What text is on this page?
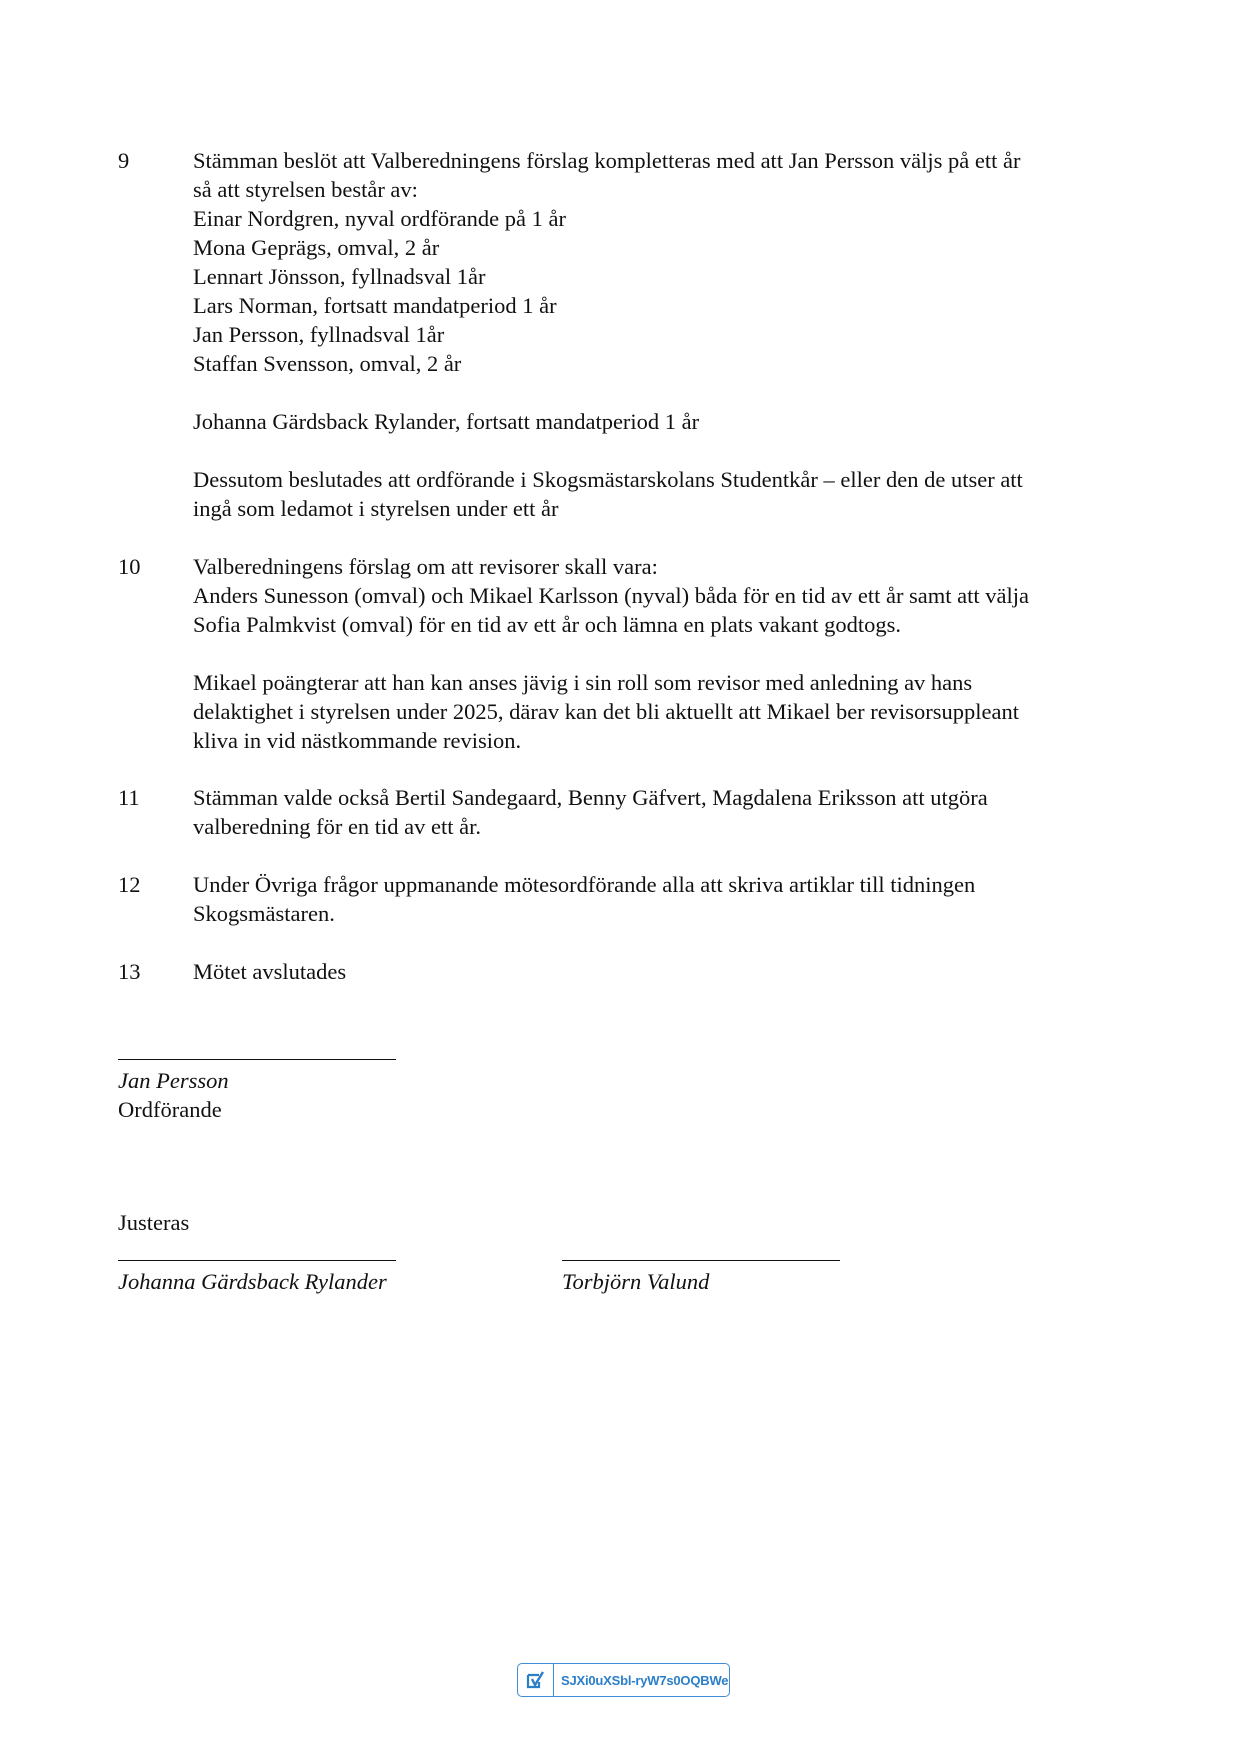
9	Stämman beslöt att Valberedningens förslag kompletteras med att Jan Persson väljs på ett år
så att styrelsen består av:
Einar Nordgren, nyval ordförande på 1 år
Mona Geprägs, omval, 2 år
Lennart Jönsson, fyllnadsval 1år
Lars Norman, fortsatt mandatperiod 1 år
Jan Persson, fyllnadsval 1år
Staffan Svensson, omval, 2 år
Johanna Gärdsback Rylander, fortsatt mandatperiod 1 år
Dessutom beslutades att ordförande i Skogsmästarskolans Studentkår – eller den de utser att
ingå som ledamot i styrelsen under ett år
10	Valberedningens förslag om att revisorer skall vara:
Anders Sunesson (omval) och Mikael Karlsson (nyval) båda för en tid av ett år samt att välja
Sofia Palmkvist (omval) för en tid av ett år och lämna en plats vakant godtogs.
Mikael poängterar att han kan anses jävig i sin roll som revisor med anledning av hans
delaktighet i styrelsen under 2025, därav kan det bli aktuellt att Mikael ber revisorsuppleant
kliva in vid nästkommande revision.
11	Stämman valde också Bertil Sandegaard, Benny Gäfvert, Magdalena Eriksson att utgöra
valberedning för en tid av ett år.
12	Under Övriga frågor uppmanande mötesordförande alla att skriva artiklar till tidningen
Skogsmästaren.
13	Mötet avslutades
Jan Persson
Ordförande
Justeras
Johanna Gärdsback Rylander	Torbjörn Valund
SJXi0uXSbl-ryW7s0OQBWe
